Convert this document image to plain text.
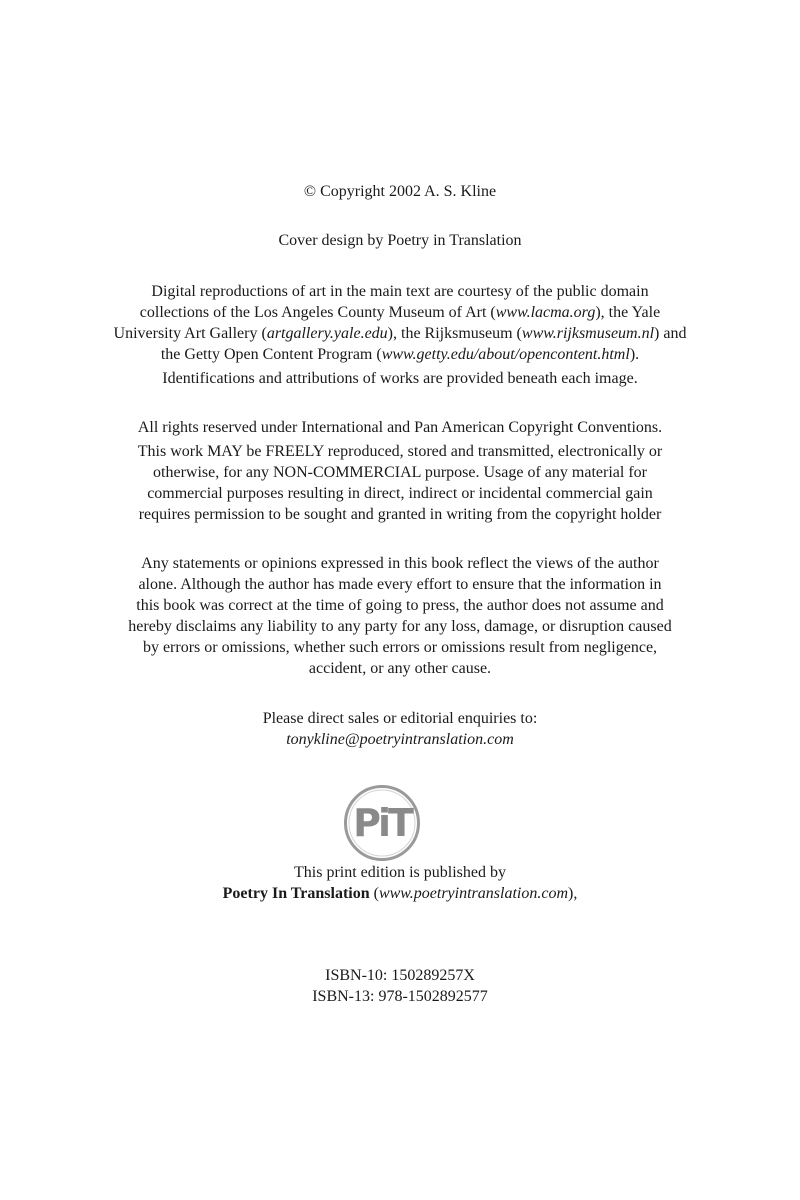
© Copyright 2002 A. S. Kline

Cover design by Poetry in Translation

Digital reproductions of art in the main text are courtesy of the public domain
collections of the Los Angeles County Museum of Art (www.lacma.org), the Yale
University Art Gallery (artgallery.yale.edu), the Rijksmuseum (www.rijksmuseum.nl) and
the Getty Open Content Program (www.getty.edu/about/opencontent.html).
Identifications and attributions of works are provided beneath each image.
All rights reserved under International and Pan American Copyright Conventions.
This work MAY be FREELY reproduced, stored and transmitted, electronically or
otherwise, for any NON-COMMERCIAL purpose. Usage of any material for
commercial purposes resulting in direct, indirect or incidental commercial gain
requires permission to be sought and granted in writing from the copyright holder
Any statements or opinions expressed in this book reflect the views of the author
alone. Although the author has made every effort to ensure that the information in
this book was correct at the time of going to press, the author does not assume and
hereby disclaims any liability to any party for any loss, damage, or disruption caused
by errors or omissions, whether such errors or omissions result from negligence,
accident, or any other cause.
Please direct sales or editorial enquiries to:
tonykline@poetryintranslation.com
PiT
This print edition is published by
Poetry In Translation (www.poetryintranslation.com),
ISBN-10: 150289257X
ISBN-13: 978-1502892577
